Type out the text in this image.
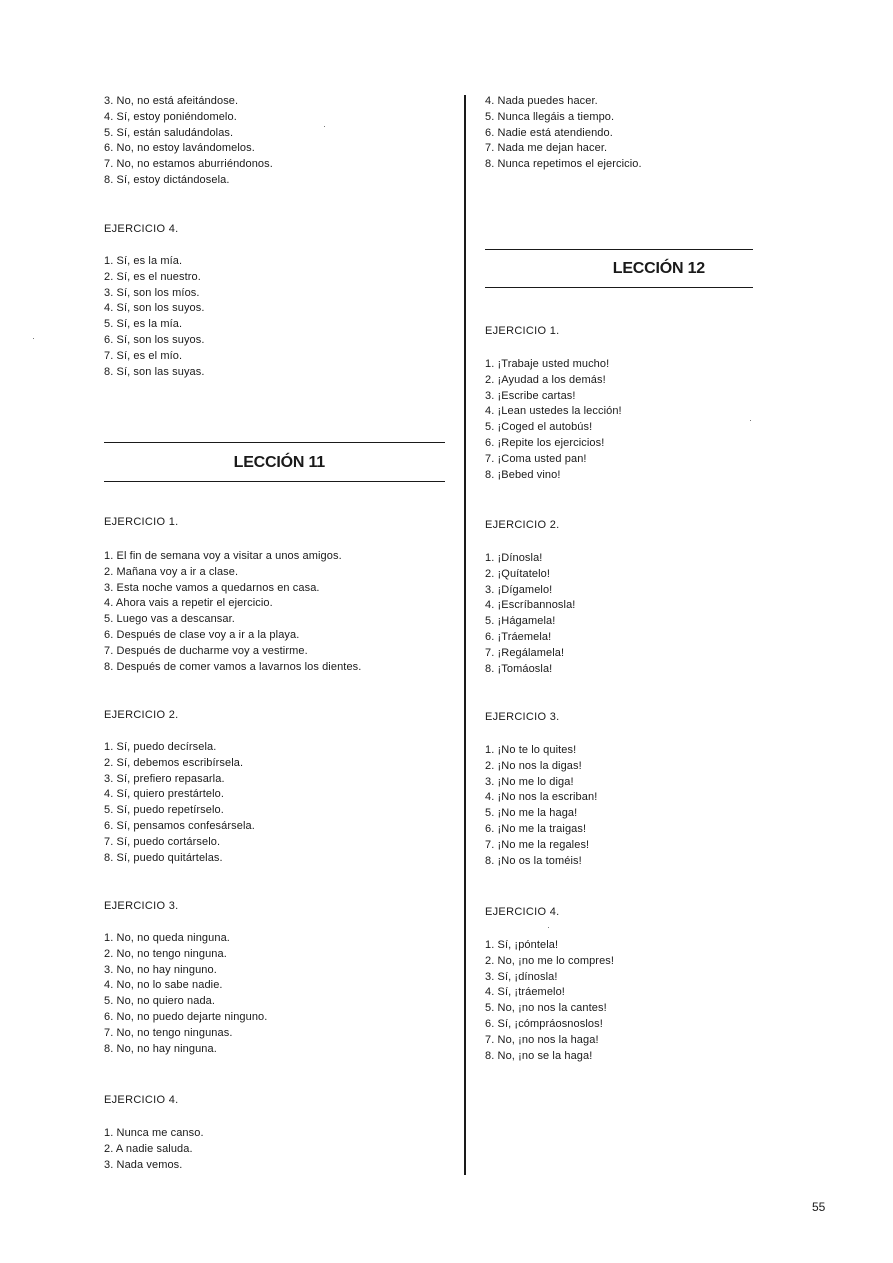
3. No, no está afeitándose.
4. Sí, estoy poniéndomelo.
5. Sí, están saludándolas.
6. No, no estoy lavándomelos.
7. No, no estamos aburriéndonos.
8. Sí, estoy dictándosela.
EJERCICIO 4.
1. Sí, es la mía.
2. Sí, es el nuestro.
3. Sí, son los míos.
4. Sí, son los suyos.
5. Sí, es la mía.
6. Sí, son los suyos.
7. Sí, es el mío.
8. Sí, son las suyas.
LECCIÓN 11
EJERCICIO 1.
1. El fin de semana voy a visitar a unos amigos.
2. Mañana voy a ir a clase.
3. Esta noche vamos a quedarnos en casa.
4. Ahora vais a repetir el ejercicio.
5. Luego vas a descansar.
6. Después de clase voy a ir a la playa.
7. Después de ducharme voy a vestirme.
8. Después de comer vamos a lavarnos los dientes.
EJERCICIO 2.
1. Sí, puedo decírsela.
2. Sí, debemos escribírsela.
3. Sí, prefiero repasarla.
4. Sí, quiero prestártelo.
5. Sí, puedo repetírselo.
6. Sí, pensamos confesársela.
7. Sí, puedo cortárselo.
8. Sí, puedo quitártelas.
EJERCICIO 3.
1. No, no queda ninguna.
2. No, no tengo ninguna.
3. No, no hay ninguno.
4. No, no lo sabe nadie.
5. No, no quiero nada.
6. No, no puedo dejarte ninguno.
7. No, no tengo ningunas.
8. No, no hay ninguna.
EJERCICIO 4.
1. Nunca me canso.
2. A nadie saluda.
3. Nada vemos.
4. Nada puedes hacer.
5. Nunca llegáis a tiempo.
6. Nadie está atendiendo.
7. Nada me dejan hacer.
8. Nunca repetimos el ejercicio.
LECCIÓN 12
EJERCICIO 1.
1. ¡Trabaje usted mucho!
2. ¡Ayudad a los demás!
3. ¡Escribe cartas!
4. ¡Lean ustedes la lección!
5. ¡Coged el autobús!
6. ¡Repite los ejercicios!
7. ¡Coma usted pan!
8. ¡Bebed vino!
EJERCICIO 2.
1. ¡Dínosla!
2. ¡Quítatelo!
3. ¡Dígamelo!
4. ¡Escríbannosla!
5. ¡Hágamela!
6. ¡Tráemela!
7. ¡Regálamela!
8. ¡Tomáosla!
EJERCICIO 3.
1. ¡No te lo quites!
2. ¡No nos la digas!
3. ¡No me lo diga!
4. ¡No nos la escriban!
5. ¡No me la haga!
6. ¡No me la traigas!
7. ¡No me la regales!
8. ¡No os la toméis!
EJERCICIO 4.
1. Sí, ¡póntela!
2. No, ¡no me lo compres!
3. Sí, ¡dínosla!
4. Sí, ¡tráemelo!
5. No, ¡no nos la cantes!
6. Sí, ¡cómpráosnoslos!
7. No, ¡no nos la haga!
8. No, ¡no se la haga!
55
